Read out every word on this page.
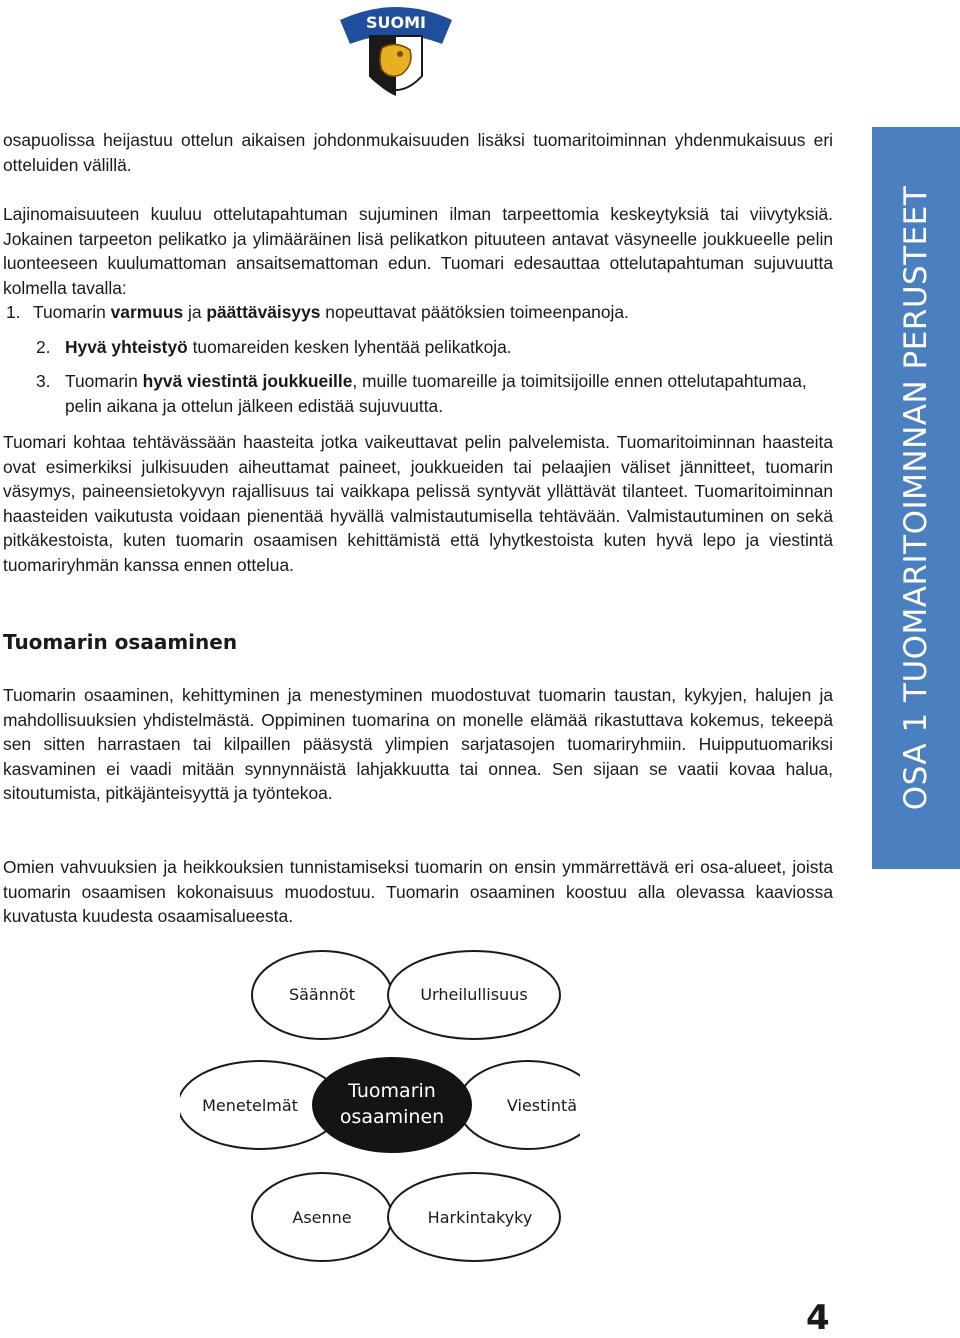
SUOMI
OSA 1 TUOMARITOIMNNAN PERUSTEET

osapuolissa heijastuu ottelun aikaisen johdonmukaisuuden lisäksi tuomaritoiminnan yhdenmukaisuus eri otteluiden välillä.

Lajinomaisuuteen kuuluu ottelutapahtuman sujuminen ilman tarpeettomia keskeytyksiä tai viivytyksiä. Jokainen tarpeeton pelikatko ja ylimääräinen lisä pelikatkon pituuteen antavat väsyneelle joukkueelle pelin luonteeseen kuulumattoman ansaitsemattoman edun. Tuomari edesauttaa ottelutapahtuman sujuvuutta kolmella tavalla:

1. Tuomarin varmuus ja päättäväisyys nopeuttavat päätöksien toimeenpanoja.
2. Hyvä yhteistyö tuomareiden kesken lyhentää pelikatkoja.
3. Tuomarin hyvä viestintä joukkueille, muille tuomareille ja toimitsijoille ennen ottelutapahtumaa, pelin aikana ja ottelun jälkeen edistää sujuvuutta.

Tuomari kohtaa tehtävässään haasteita jotka vaikeuttavat pelin palvelemista. Tuomaritoiminnan haasteita ovat esimerkiksi julkisuuden aiheuttamat paineet, joukkueiden tai pelaajien väliset jännitteet, tuomarin väsymys, paineensietokyvyn rajallisuus tai vaikkapa pelissä syntyvät yllättävät tilanteet. Tuomaritoiminnan haasteiden vaikutusta voidaan pienentää hyvällä valmistautumisella tehtävään. Valmistautuminen on sekä pitkäkestoista, kuten tuomarin osaamisen kehittämistä että lyhytkestoista kuten hyvä lepo ja viestintä tuomariryhmän kanssa ennen ottelua.

Tuomarin osaaminen

Tuomarin osaaminen, kehittyminen ja menestyminen muodostuvat tuomarin taustan, kykyjen, halujen ja mahdollisuuksien yhdistelmästä. Oppiminen tuomarina on monelle elämää rikastuttava kokemus, tekeepä sen sitten harrastaen tai kilpaillen pääsystä ylimpien sarjatasojen tuomariryhmiin. Huipputuomariksi kasvaminen ei vaadi mitään synnynnäistä lahjakkuutta tai onnea. Sen sijaan se vaatii kovaa halua, sitoutumista, pitkäjänteisyyttä ja työntekoa.

Omien vahvuuksien ja heikkouksien tunnistamiseksi tuomarin on ensin ymmärrettävä eri osa-alueet, joista tuomarin osaamisen kokonaisuus muodostuu. Tuomarin osaaminen koostuu alla olevassa kaaviossa kuvatusta kuudesta osaamisalueesta.

Tuomarin
osaaminen
Säännöt	Urheilullisuus
Viestintä
Harkintakyky
Asenne
Menetelmät
4
